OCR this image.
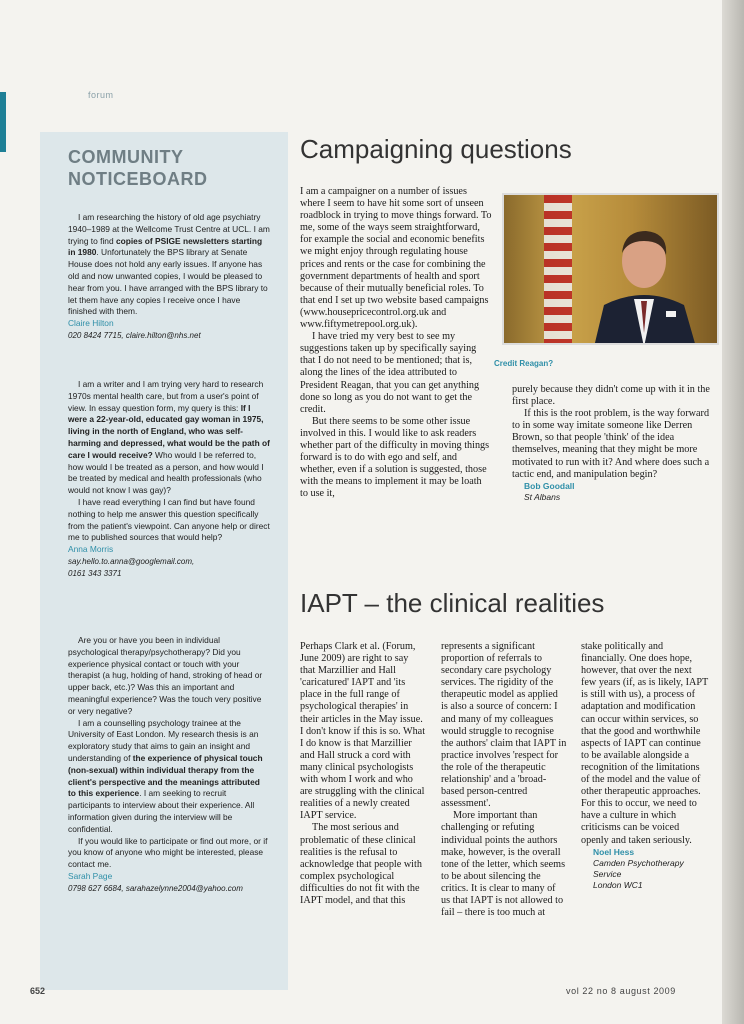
forum
COMMUNITY
NOTICEBOARD

I am researching the history of old age psychiatry 1940–1989 at the Wellcome Trust Centre at UCL. I am trying to find copies of PSIGE newsletters starting in 1980. Unfortunately the BPS library at Senate House does not hold any early issues. If anyone has old and now unwanted copies, I would be pleased to hear from you. I have arranged with the BPS library to let them have any copies I receive once I have finished with them.

Claire Hilton

020 8424 7715, claire.hilton@nhs.net

I am a writer and I am trying very hard to research 1970s mental health care, but from a user's point of view. In essay question form, my query is this: If I were a 22-year-old, educated gay woman in 1975, living in the north of England, who was self-harming and depressed, what would be the path of care I would receive? Who would I be referred to, how would I be treated as a person, and how would I be treated by medical and health professionals (who would not know I was gay)?

I have read everything I can find but have found nothing to help me answer this question specifically from the patient's viewpoint. Can anyone help or direct me to published sources that would help?

Anna Morris

say.hello.to.anna@googlemail.com,

0161 343 3371

Are you or have you been in individual psychological therapy/psychotherapy? Did you experience physical contact or touch with your therapist (a hug, holding of hand, stroking of head or upper back, etc.)? Was this an important and meaningful experience? Was the touch very positive or very negative?

I am a counselling psychology trainee at the University of East London. My research thesis is an exploratory study that aims to gain an insight and understanding of the experience of physical touch (non-sexual) within individual therapy from the client's perspective and the meanings attributed to this experience. I am seeking to recruit participants to interview about their experience. All information given during the interview will be confidential.

If you would like to participate or find out more, or if you know of anyone who might be interested, please contact me.

Sarah Page

0798 627 6684, sarahazelynne2004@yahoo.com

Campaigning questions

I am a campaigner on a number of issues where I seem to have hit some sort of unseen roadblock in trying to move things forward. To me, some of the ways seem straightforward, for example the social and economic benefits we might enjoy through regulating house prices and rents or the case for combining the government departments of health and sport because of their mutually beneficial roles. To that end I set up two website based campaigns (www.housepricecontrol.org.uk and www.fiftymetrepool.org.uk).

I have tried my very best to see my suggestions taken up by specifically saying that I do not need to be mentioned; that is, along the lines of the idea attributed to President Reagan, that you can get anything done so long as you do not want to get the credit.

But there seems to be some other issue involved in this. I would like to ask readers whether part of the difficulty in moving things forward is to do with ego and self, and whether, even if a solution is suggested, those with the means to implement it may be loath to use it,

Credit Reagan?

purely because they didn't come up with it in the first place.

If this is the root problem, is the way forward to in some way imitate someone like Derren Brown, so that people 'think' of the idea themselves, meaning that they might be more motivated to run with it? And where does such a tactic end, and manipulation begin?

Bob Goodall

St Albans

IAPT – the clinical realities

Perhaps Clark et al. (Forum, June 2009) are right to say that Marzillier and Hall 'caricatured' IAPT and 'its place in the full range of psychological therapies' in their articles in the May issue. I don't know if this is so. What I do know is that Marzillier and Hall struck a cord with many clinical psychologists with whom I work and who are struggling with the clinical realities of a newly created IAPT service.

The most serious and problematic of these clinical realities is the refusal to acknowledge that people with complex psychological difficulties do not fit with the IAPT model, and that this

represents a significant proportion of referrals to secondary care psychology services. The rigidity of the therapeutic model as applied is also a source of concern: I and many of my colleagues would struggle to recognise the authors' claim that IAPT in practice involves 'respect for the role of the therapeutic relationship' and a 'broad-based person-centred assessment'.

More important than challenging or refuting individual points the authors make, however, is the overall tone of the letter, which seems to be about silencing the critics. It is clear to many of us that IAPT is not allowed to fail – there is too much at

stake politically and financially. One does hope, however, that over the next few years (if, as is likely, IAPT is still with us), a process of adaptation and modification can occur within services, so that the good and worthwhile aspects of IAPT can continue to be available alongside a recognition of the limitations of the model and the value of other therapeutic approaches. For this to occur, we need to have a culture in which criticisms can be voiced openly and taken seriously.

Noel Hess

Camden Psychotherapy

Service

London WC1

652	vol 22 no 8 august 2009
